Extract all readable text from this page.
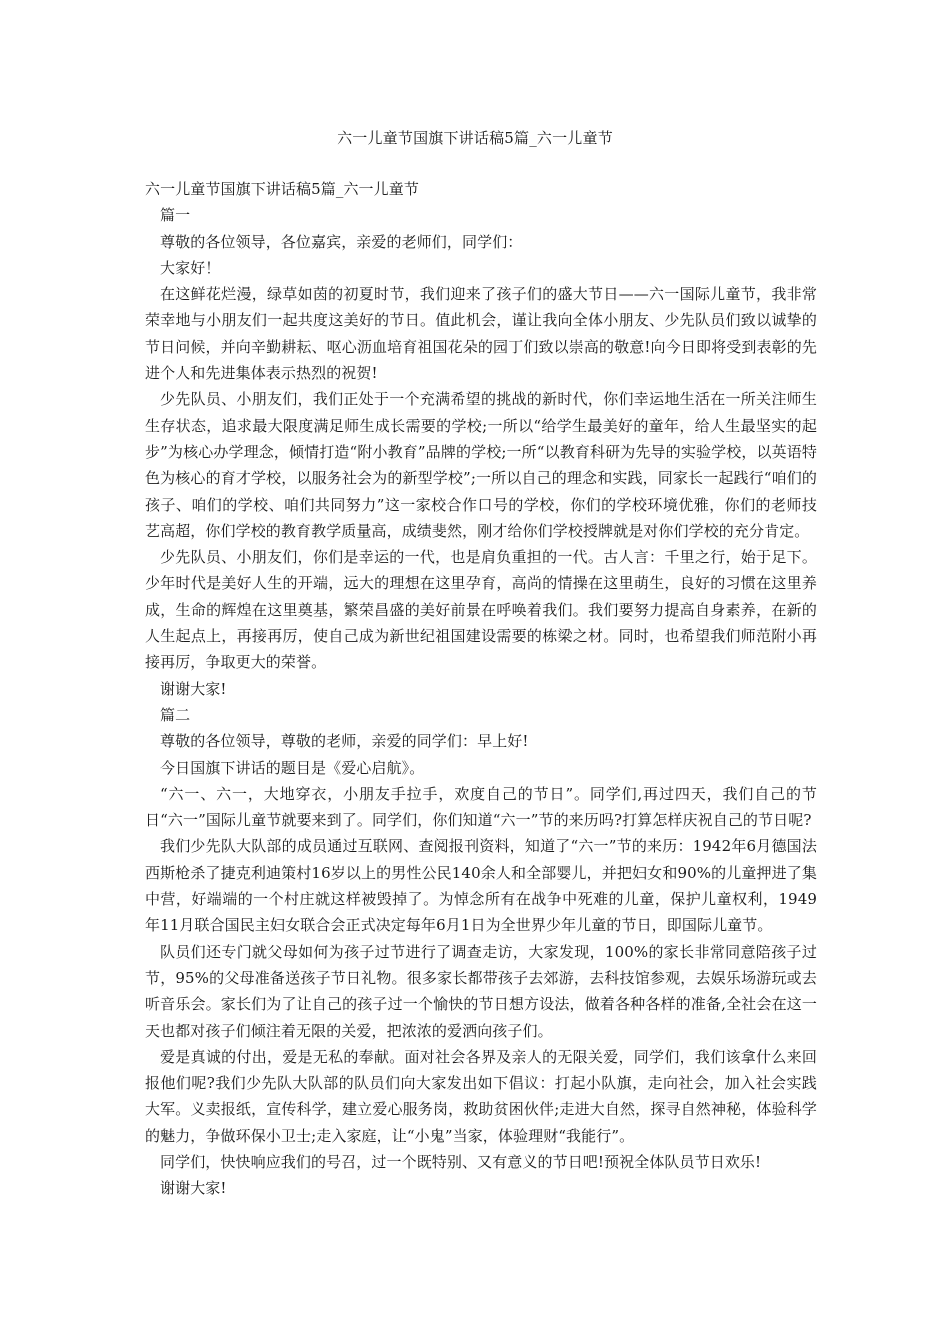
六一儿童节国旗下讲话稿5篇_六一儿童节

六一儿童节国旗下讲话稿5篇_六一儿童节

篇一

尊敬的各位领导，各位嘉宾，亲爱的老师们，同学们：

大家好！

在这鲜花烂漫，绿草如茵的初夏时节，我们迎来了孩子们的盛大节日——六一国际儿童节，我非常荣幸地与小朋友们一起共度这美好的节日。值此机会，谨让我向全体小朋友、少先队员们致以诚挚的节日问候，并向辛勤耕耘、呕心沥血培育祖国花朵的园丁们致以崇高的敬意!向今日即将受到表彰的先进个人和先进集体表示热烈的祝贺!

少先队员、小朋友们，我们正处于一个充满希望的挑战的新时代，你们幸运地生活在一所关注师生生存状态，追求最大限度满足师生成长需要的学校;一所以“给学生最美好的童年，给人生最坚实的起步”为核心办学理念，倾情打造“附小教育”品牌的学校;一所“以教育科研为先导的实验学校，以英语特色为核心的育才学校，以服务社会为的新型学校”;一所以自己的理念和实践，同家长一起践行“咱们的孩子、咱们的学校、咱们共同努力”这一家校合作口号的学校，你们的学校环境优雅，你们的老师技艺高超，你们学校的教育教学质量高，成绩斐然，刚才给你们学校授牌就是对你们学校的充分肯定。

少先队员、小朋友们，你们是幸运的一代，也是肩负重担的一代。古人言：千里之行，始于足下。少年时代是美好人生的开端，远大的理想在这里孕育，高尚的情操在这里萌生，良好的习惯在这里养成，生命的辉煌在这里奠基，繁荣昌盛的美好前景在呼唤着我们。我们要努力提高自身素养，在新的人生起点上，再接再厉，使自己成为新世纪祖国建设需要的栋梁之材。同时，也希望我们师范附小再接再厉，争取更大的荣誉。

谢谢大家!

篇二

尊敬的各位领导，尊敬的老师，亲爱的同学们：早上好!

今日国旗下讲话的题目是《爱心启航》。

“六一、六一，大地穿衣，小朋友手拉手，欢度自己的节日”。同学们,再过四天，我们自己的节日“六一”国际儿童节就要来到了。同学们，你们知道“六一”节的来历吗?打算怎样庆祝自己的节日呢?

我们少先队大队部的成员通过互联网、查阅报刊资料，知道了“六一”节的来历：1942年6月德国法西斯枪杀了捷克利迪策村16岁以上的男性公民140余人和全部婴儿，并把妇女和90%的儿童押进了集中营，好端端的一个村庄就这样被毁掉了。为悼念所有在战争中死难的儿童，保护儿童权利，1949年11月联合国民主妇女联合会正式决定每年6月1日为全世界少年儿童的节日，即国际儿童节。

队员们还专门就父母如何为孩子过节进行了调查走访，大家发现，100%的家长非常同意陪孩子过节，95%的父母准备送孩子节日礼物。很多家长都带孩子去郊游，去科技馆参观，去娱乐场游玩或去听音乐会。家长们为了让自己的孩子过一个愉快的节日想方设法，做着各种各样的准备,全社会在这一天也都对孩子们倾注着无限的关爱，把浓浓的爱洒向孩子们。

爱是真诚的付出，爱是无私的奉献。面对社会各界及亲人的无限关爱，同学们，我们该拿什么来回报他们呢?我们少先队大队部的队员们向大家发出如下倡议：打起小队旗，走向社会，加入社会实践大军。义卖报纸，宣传科学，建立爱心服务岗，救助贫困伙伴;走进大自然，探寻自然神秘，体验科学的魅力，争做环保小卫士;走入家庭，让“小鬼”当家，体验理财“我能行”。

同学们，快快响应我们的号召，过一个既特别、又有意义的节日吧!预祝全体队员节日欢乐!

谢谢大家!
